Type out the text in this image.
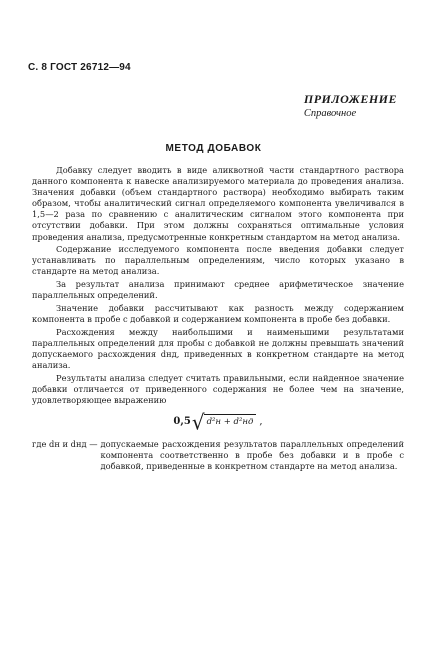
С. 8 ГОСТ 26712—94
ПРИЛОЖЕНИЕ
Справочное
МЕТОД ДОБАВОК

Добавку следует вводить в виде аликвотной части стандартного раствора данного компонента к навеске анализируемого материала до проведения анализа. Значения добавки (объем стандартного раствора) необходимо выбирать таким образом, чтобы аналитический сигнал определяемого компонента увеличивался в 1,5—2 раза по сравнению с аналитическим сигналом этого компонента при отсутствии добавки. При этом должны сохраняться оптимальные условия проведения анализа, предусмотренные конкретным стандартом на метод анализа.

Содержание исследуемого компонента после введения добавки следует устанавливать по параллельным определениям, число которых указано в стандарте на метод анализа.

За результат анализа принимают среднее арифметическое значение параллельных определений.

Значение добавки рассчитывают как разность между содержанием компонента в пробе с добавкой и содержанием компонента в пробе без добавки.

Расхождения между наибольшими и наименьшими результатами параллельных определений для пробы с добавкой не должны превышать значений допускаемого расхождения dнд, приведенных в конкретном стандарте на метод анализа.

Результаты анализа следует считать правильными, если найденное значение добавки отличается от приведенного содержания не более чем на значение, удовлетворяющее выражению

0,5 √ d²н + d²нд ,
где dн и dнд — допускаемые расхождения результатов параллельных определений компонента соответственно в пробе без добавки и в пробе с добавкой, приведенные в конкретном стандарте на метод анализа.
